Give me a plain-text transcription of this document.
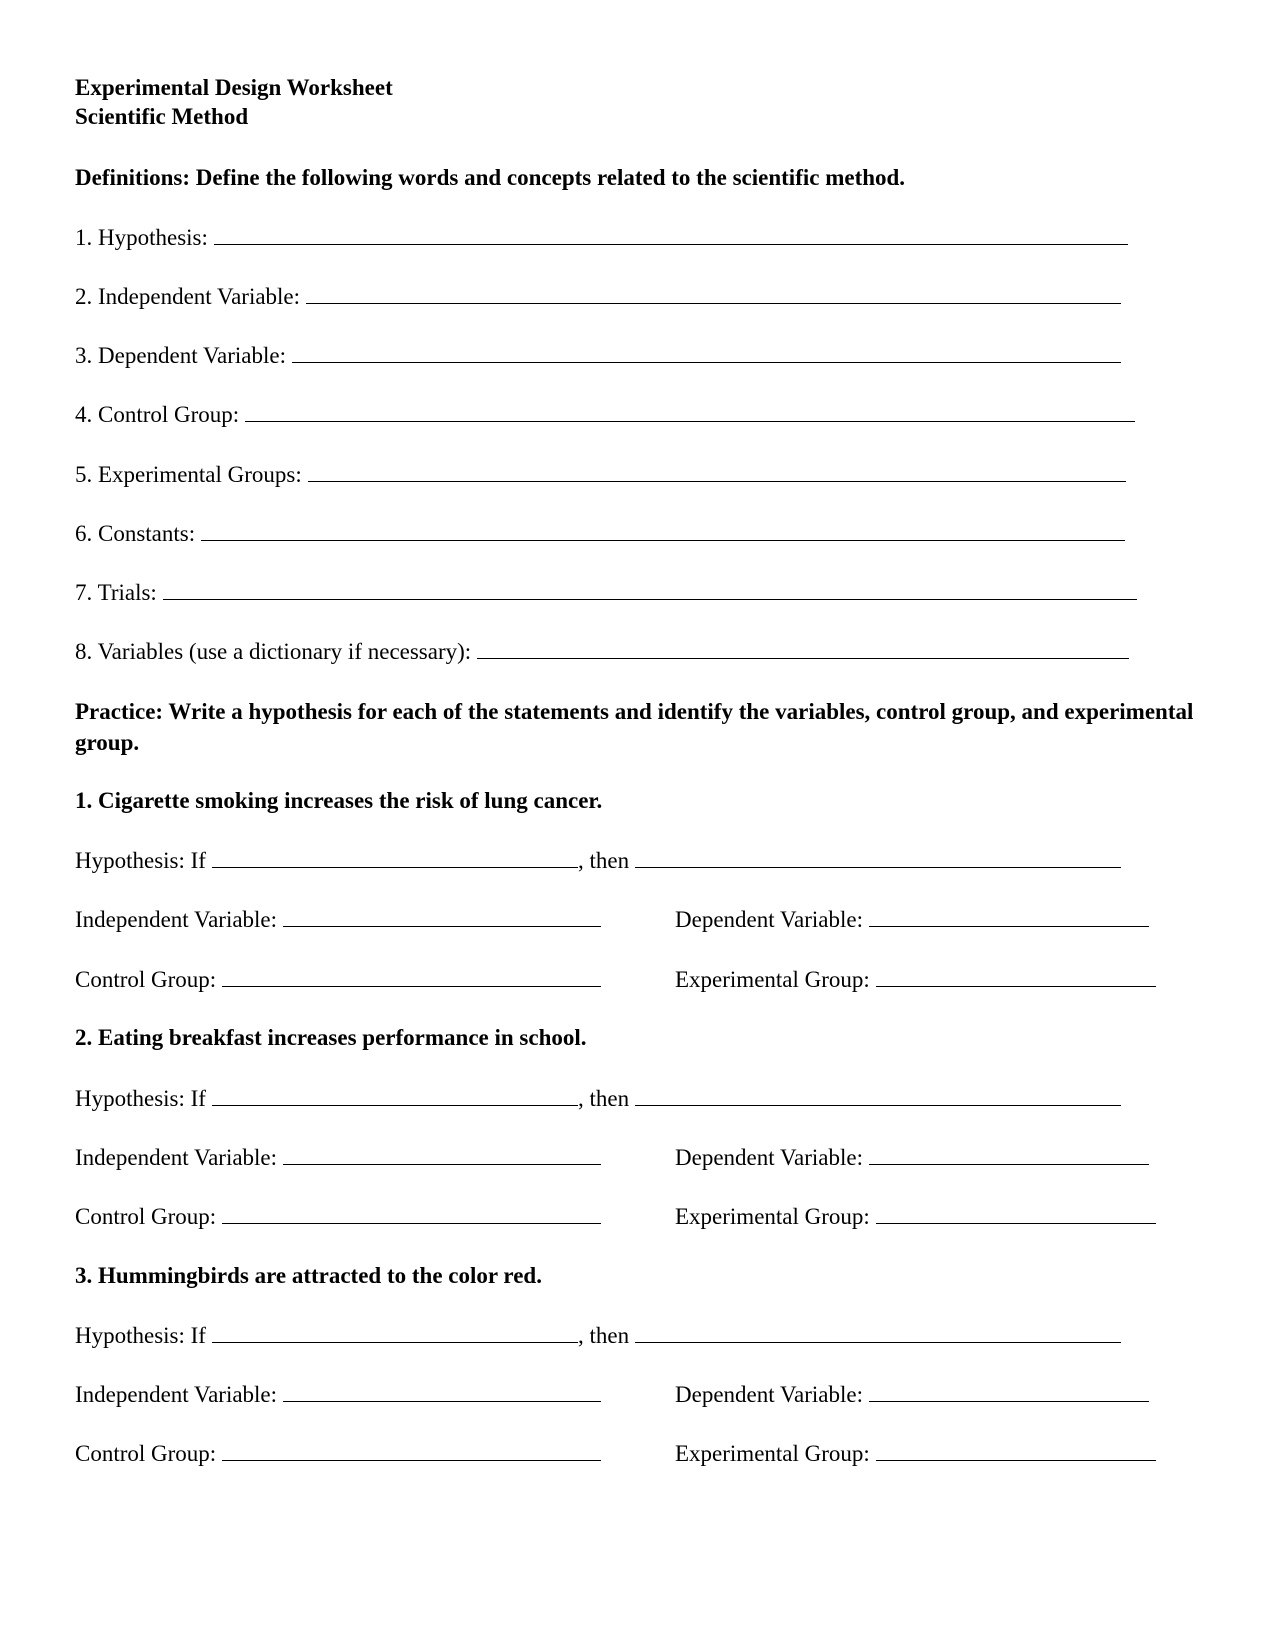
Experimental Design Worksheet
Scientific Method
Definitions: Define the following words and concepts related to the scientific method.
1. Hypothesis:
2. Independent Variable:
3. Dependent Variable:
4. Control Group:
5. Experimental Groups:
6. Constants:
7. Trials:
8. Variables (use a dictionary if necessary):
Practice: Write a hypothesis for each of the statements and identify the variables, control group, and experimental group.
1. Cigarette smoking increases the risk of lung cancer.
Hypothesis: If	, then
Independent Variable:	Dependent Variable:
Control Group:	Experimental Group:
2. Eating breakfast increases performance in school.
Hypothesis: If	, then
Independent Variable:	Dependent Variable:
Control Group:	Experimental Group:
3. Hummingbirds are attracted to the color red.
Hypothesis: If	, then
Independent Variable:	Dependent Variable:
Control Group:	Experimental Group:
